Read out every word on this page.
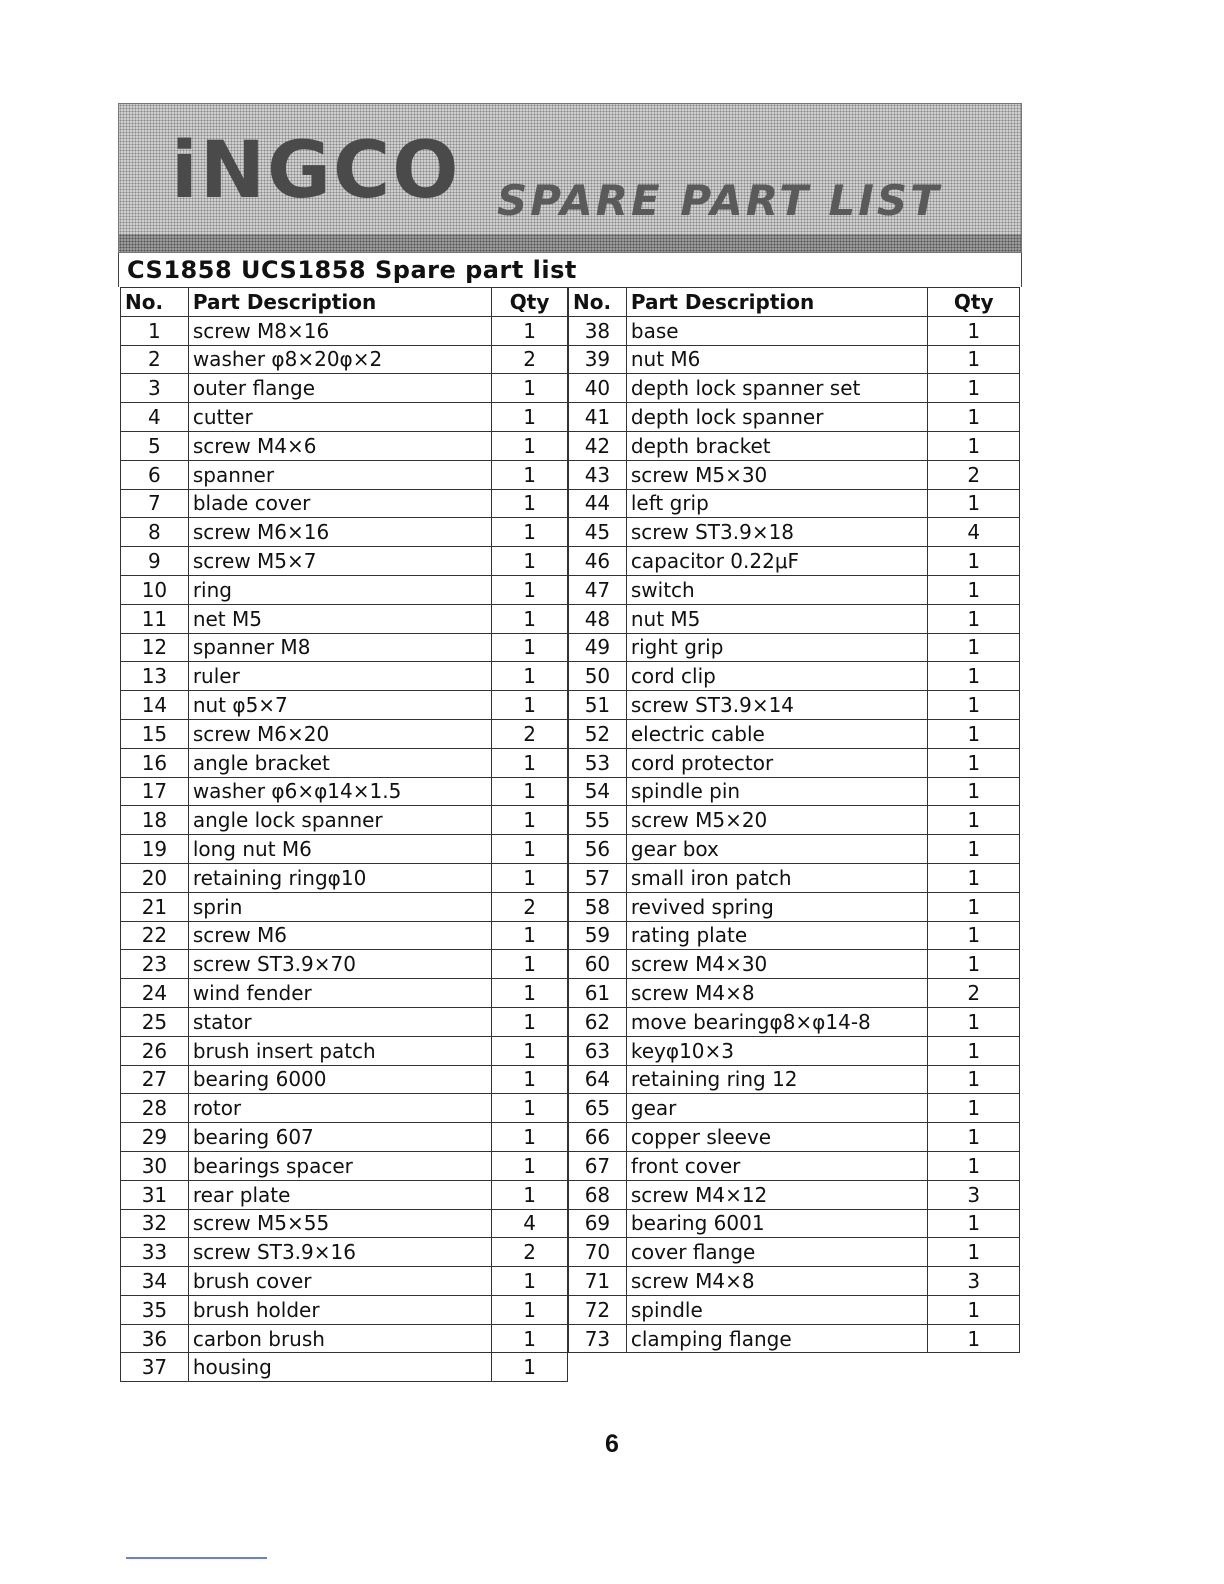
iNGCO SPARE PART LIST
CS1858 UCS1858 Spare part list
No.	Part Description	Qty
1	screw M8×16	1
2	washer φ8×20φ×2	2
3	outer flange	1
4	cutter	1
5	screw M4×6	1
6	spanner	1
7	blade cover	1
8	screw M6×16	1
9	screw M5×7	1
10	ring	1
11	net M5	1
12	spanner M8	1
13	ruler	1
14	nut φ5×7	1
15	screw M6×20	2
16	angle bracket	1
17	washer φ6×φ14×1.5	1
18	angle lock spanner	1
19	long nut M6	1
20	retaining ringφ10	1
21	sprin	2
22	screw M6	1
23	screw ST3.9×70	1
24	wind fender	1
25	stator	1
26	brush insert patch	1
27	bearing 6000	1
28	rotor	1
29	bearing 607	1
30	bearings spacer	1
31	rear plate	1
32	screw M5×55	4
33	screw ST3.9×16	2
34	brush cover	1
35	brush holder	1
36	carbon brush	1
37	housing	1
No.	Part Description	Qty
38	base	1
39	nut M6	1
40	depth lock spanner set	1
41	depth lock spanner	1
42	depth bracket	1
43	screw M5×30	2
44	left grip	1
45	screw ST3.9×18	4
46	capacitor 0.22μF	1
47	switch	1
48	nut M5	1
49	right grip	1
50	cord clip	1
51	screw ST3.9×14	1
52	electric cable	1
53	cord protector	1
54	spindle pin	1
55	screw M5×20	1
56	gear box	1
57	small iron patch	1
58	revived spring	1
59	rating plate	1
60	screw M4×30	1
61	screw M4×8	2
62	move bearingφ8×φ14-8	1
63	keyφ10×3	1
64	retaining ring 12	1
65	gear	1
66	copper sleeve	1
67	front cover	1
68	screw M4×12	3
69	bearing 6001	1
70	cover flange	1
71	screw M4×8	3
72	spindle	1
73	clamping flange	1
6
